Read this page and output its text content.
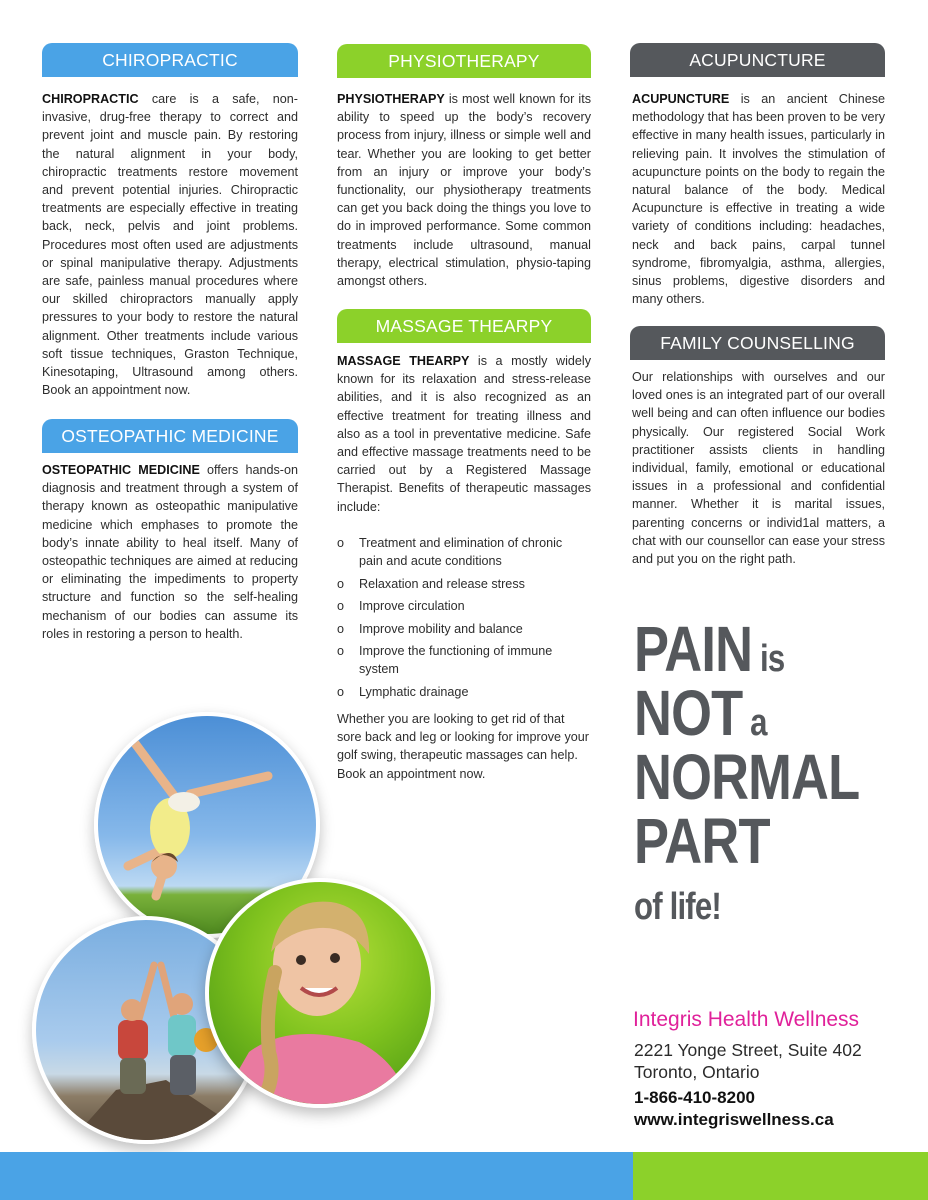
CHIROPRACTIC
CHIROPRACTIC care is a safe, non-invasive, drug-free therapy to correct and prevent joint and muscle pain. By restoring the natural alignment in your body, chiropractic treatments restore movement and prevent potential injuries. Chiropractic treatments are especially effective in treating back, neck, pelvis and joint problems. Procedures most often used are adjustments or spinal manipulative therapy. Adjustments are safe, painless manual procedures where our skilled chiropractors manually apply pressures to your body to restore the natural alignment. Other treatments include various soft tissue techniques, Graston Technique, Kinesotaping, Ultrasound among others. Book an appointment now.
OSTEOPATHIC MEDICINE
OSTEOPATHIC MEDICINE offers hands-on diagnosis and treatment through a system of therapy known as osteopathic manipulative medicine which emphases to promote the body’s innate ability to heal itself. Many of osteopathic techniques are aimed at reducing or eliminating the impediments to property structure and function so the self-healing mechanism of our bodies can assume its roles in restoring a person to health.
PHYSIOTHERAPY
PHYSIOTHERAPY is most well known for its ability to speed up the body’s recovery process from injury, illness or simple well and tear. Whether you are looking to get better from an injury or improve your body’s functionality, our physiotherapy treatments can get you back doing the things you love to do in improved performance. Some common treatments include ultrasound, manual therapy, electrical stimulation, physio-taping amongst others.
MASSAGE THEARPY
MASSAGE THEARPY is a mostly widely known for its relaxation and stress-release abilities, and it is also recognized as an effective treatment for treating illness and also as a tool in preventative medicine. Safe and effective massage treatments need to be carried out by a Registered Massage Therapist. Benefits of therapeutic massages include:
o Treatment and elimination of chronic pain and acute conditions
o Relaxation and release stress
o Improve circulation
o Improve mobility and balance
o Improve the functioning of immune system
o Lymphatic drainage
Whether you are looking to get rid of that sore back and leg or looking for improve your golf swing, therapeutic massages can help. Book an appointment now.
ACUPUNCTURE
ACUPUNCTURE is an ancient Chinese methodology that has been proven to be very effective in many health issues, particularly in relieving pain. It involves the stimulation of acupuncture points on the body to regain the natural balance of the body. Medical Acupuncture is effective in treating a wide variety of conditions including: headaches, neck and back pains, carpal tunnel syndrome, fibromyalgia, asthma, allergies, sinus problems, digestive disorders and many others.
FAMILY COUNSELLING
Our relationships with ourselves and our loved ones is an integrated part of our overall well being and can often influence our bodies physically. Our registered Social Work practitioner assists clients in handling individual, family, emotional or educational issues in a professional and confidential manner. Whether it is marital issues, parenting concerns or individ1al matters, a chat with our counsellor can ease your stress and put you on the right path.
PAIN is
NOT a
NORMAL
PART
of life!
Integris Health Wellness
2221 Yonge Street, Suite 402
Toronto, Ontario
1-866-410-8200
www.integriswellness.ca
